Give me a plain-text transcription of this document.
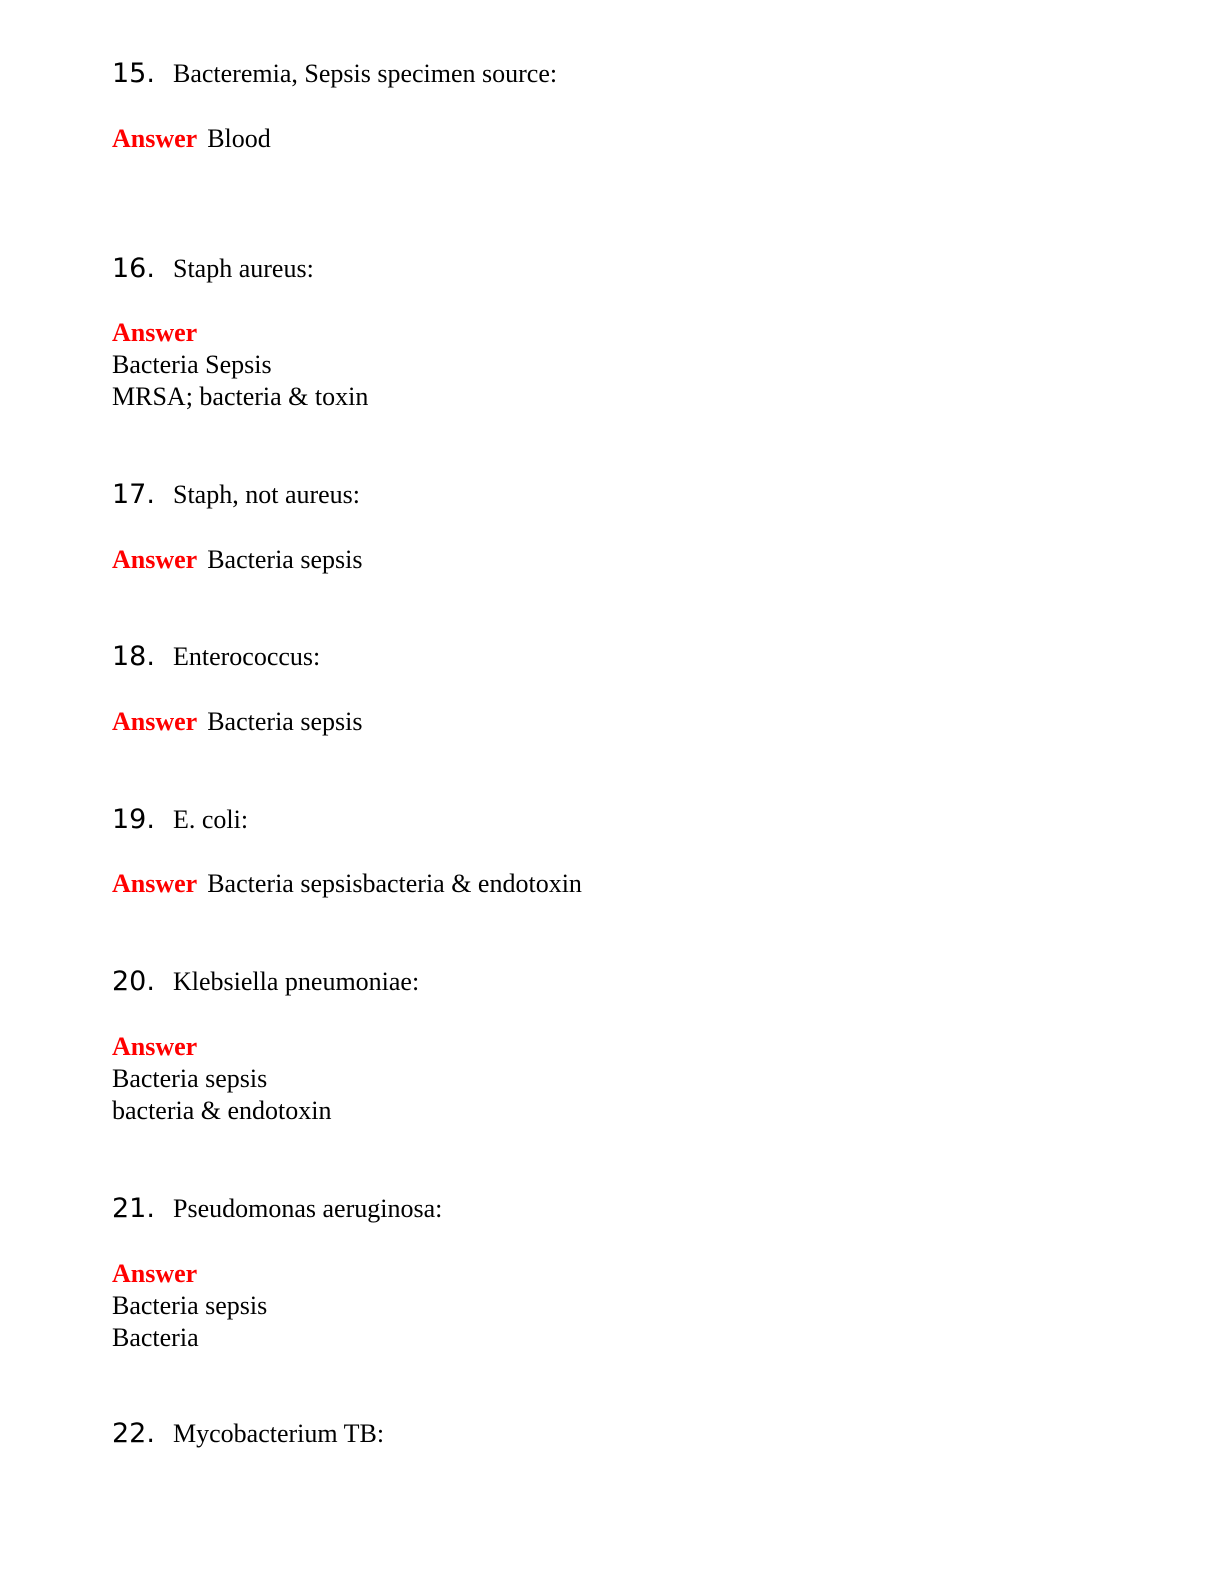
15. Bacteremia, Sepsis specimen source:
Answer Blood
16. Staph aureus:
Answer
Bacteria Sepsis
MRSA; bacteria & toxin
17. Staph, not aureus:
Answer Bacteria sepsis
18. Enterococcus:
Answer Bacteria sepsis
19. E. coli:
Answer Bacteria sepsisbacteria & endotoxin
20. Klebsiella pneumoniae:
Answer
Bacteria sepsis
bacteria & endotoxin
21. Pseudomonas aeruginosa:
Answer
Bacteria sepsis
Bacteria
22. Mycobacterium TB:
